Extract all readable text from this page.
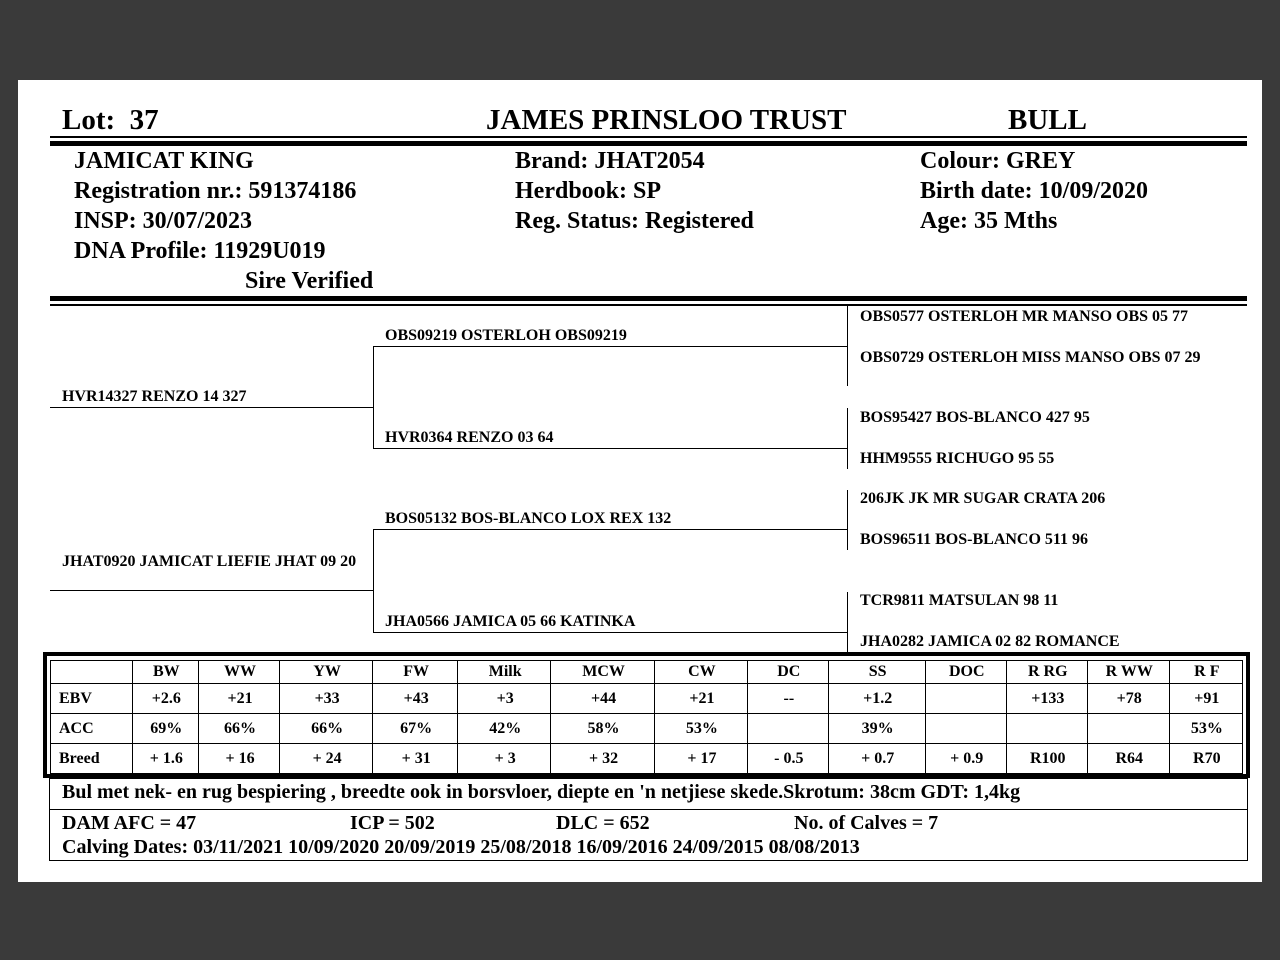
Lot: 37	JAMES PRINSLOO TRUST	BULL
JAMICAT KING
Registration nr.: 591374186
INSP: 30/07/2023
DNA Profile: 11929U019
Sire Verified
Brand: JHAT2054
Herdbook: SP
Reg. Status: Registered
Colour: GREY
Birth date: 10/09/2020
Age: 35 Mths
HVR14327 RENZO 14 327
JHAT0920 JAMICAT LIEFIE JHAT 09 20
OBS09219 OSTERLOH OBS09219
HVR0364 RENZO 03 64
BOS05132 BOS-BLANCO LOX REX 132
JHA0566 JAMICA 05 66 KATINKA
OBS0577 OSTERLOH MR MANSO OBS 05 77
OBS0729 OSTERLOH MISS MANSO OBS 07 29
BOS95427 BOS-BLANCO 427 95
HHM9555 RICHUGO 95 55
206JK JK MR SUGAR CRATA 206
BOS96511 BOS-BLANCO 511 96
TCR9811 MATSULAN 98 11
JHA0282 JAMICA 02 82 ROMANCE
	BW	WW	YW	FW	Milk	MCW	CW	DC	SS	DOC	R RG	R WW	R F
EBV	+2.6	+21	+33	+43	+3	+44	+21	--	+1.2		+133	+78	+91
ACC	69%	66%	66%	67%	42%	58%	53%		39%				53%
Breed	+ 1.6	+ 16	+ 24	+ 31	+ 3	+ 32	+ 17	- 0.5	+ 0.7	+ 0.9	R100	R64	R70
Bul met nek- en rug bespiering , breedte ook in borsvloer, diepte en 'n netjiese skede.Skrotum: 38cm GDT: 1,4kg
DAM AFC = 47	ICP = 502	DLC = 652	No. of Calves = 7
Calving Dates: 03/11/2021 10/09/2020 20/09/2019 25/08/2018 16/09/2016 24/09/2015 08/08/2013
